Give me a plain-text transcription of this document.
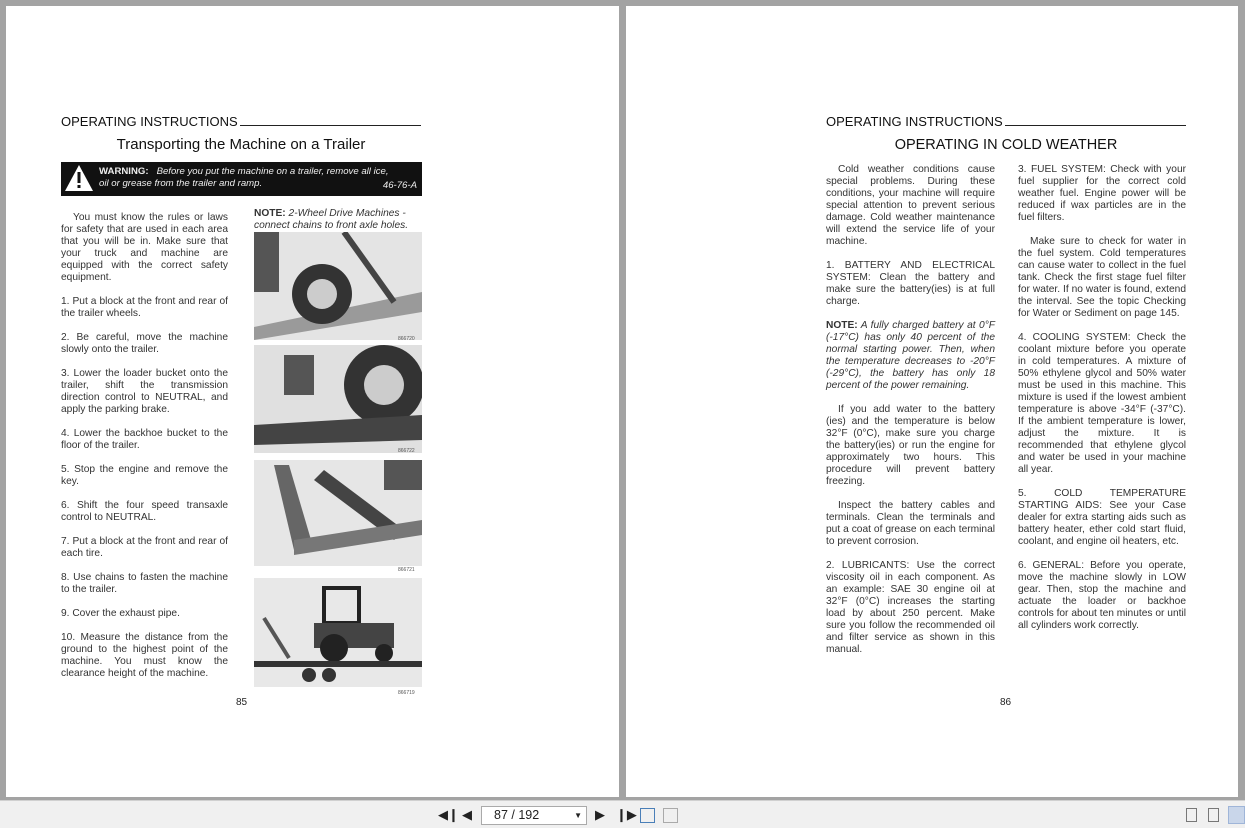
OPERATING INSTRUCTIONS
Transporting the Machine on a Trailer
WARNING: Before you put the machine on a trailer, remove all ice,
oil or grease from the trailer and ramp.	46-76-A

You must know the rules or laws for safety that are used in each area that you will be in. Make sure that your truck and machine are equipped with the correct safety equipment.

1. Put a block at the front and rear of the trailer wheels.

2. Be careful, move the machine slowly onto the trailer.

3. Lower the loader bucket onto the trailer, shift the transmission direction control to NEUTRAL, and apply the parking brake.

4. Lower the backhoe bucket to the floor of the trailer.

5. Stop the engine and remove the key.

6. Shift the four speed transaxle control to NEUTRAL.

7. Put a block at the front and rear of each tire.

8. Use chains to fasten the machine to the trailer.

9. Cover the exhaust pipe.

10. Measure the distance from the ground to the highest point of the machine. You must know the clearance height of the machine.

NOTE: 2-Wheel Drive Machines - connect chains to front axle holes.
866720
866722
866721
866719
85
OPERATING INSTRUCTIONS
OPERATING IN COLD WEATHER

Cold weather conditions cause special problems. During these conditions, your machine will require special attention to prevent serious damage. Cold weather maintenance will extend the service life of your machine.

1. BATTERY AND ELECTRICAL SYSTEM: Clean the battery and make sure the battery(ies) is at full charge.

NOTE: A fully charged battery at 0°F (-17°C) has only 40 percent of the normal starting power. Then, when the temperature decreases to -20°F (-29°C), the battery has only 18 percent of the power remaining.

If you add water to the battery (ies) and the temperature is below 32°F (0°C), make sure you charge the battery(ies) or run the engine for approximately two hours. This procedure will prevent battery freezing.

Inspect the battery cables and terminals. Clean the terminals and put a coat of grease on each terminal to prevent corrosion.

2. LUBRICANTS: Use the correct viscosity oil in each component. As an example: SAE 30 engine oil at 32°F (0°C) increases the starting load by about 250 percent. Make sure you follow the recommended oil and filter service as shown in this manual.

3. FUEL SYSTEM: Check with your fuel supplier for the correct cold weather fuel. Engine power will be reduced if wax particles are in the fuel filters.

Make sure to check for water in the fuel system. Cold temperatures can cause water to collect in the fuel tank. Check the first stage fuel filter for water. If no water is found, extend the interval. See the topic Checking for Water or Sediment on page 145.

4. COOLING SYSTEM: Check the coolant mixture before you operate in cold temperatures. A mixture of 50% ethylene glycol and 50% water must be used in this machine. This mixture is used if the lowest ambient temperature is above -34°F (-37°C). If the ambient temperature is lower, adjust the mixture. It is recommended that ethylene glycol and water be used in your machine all year.

5. COLD TEMPERATURE STARTING AIDS: See your Case dealer for extra starting aids such as battery heater, ether cold start fluid, coolant, and engine oil heaters, etc.

6. GENERAL: Before you operate, move the machine slowly in LOW gear. Then, stop the machine and actuate the loader or backhoe controls for about ten minutes or until all cylinders work correctly.

86
◀❙ ◀	87 / 192	▼ ▶ ❙▶
